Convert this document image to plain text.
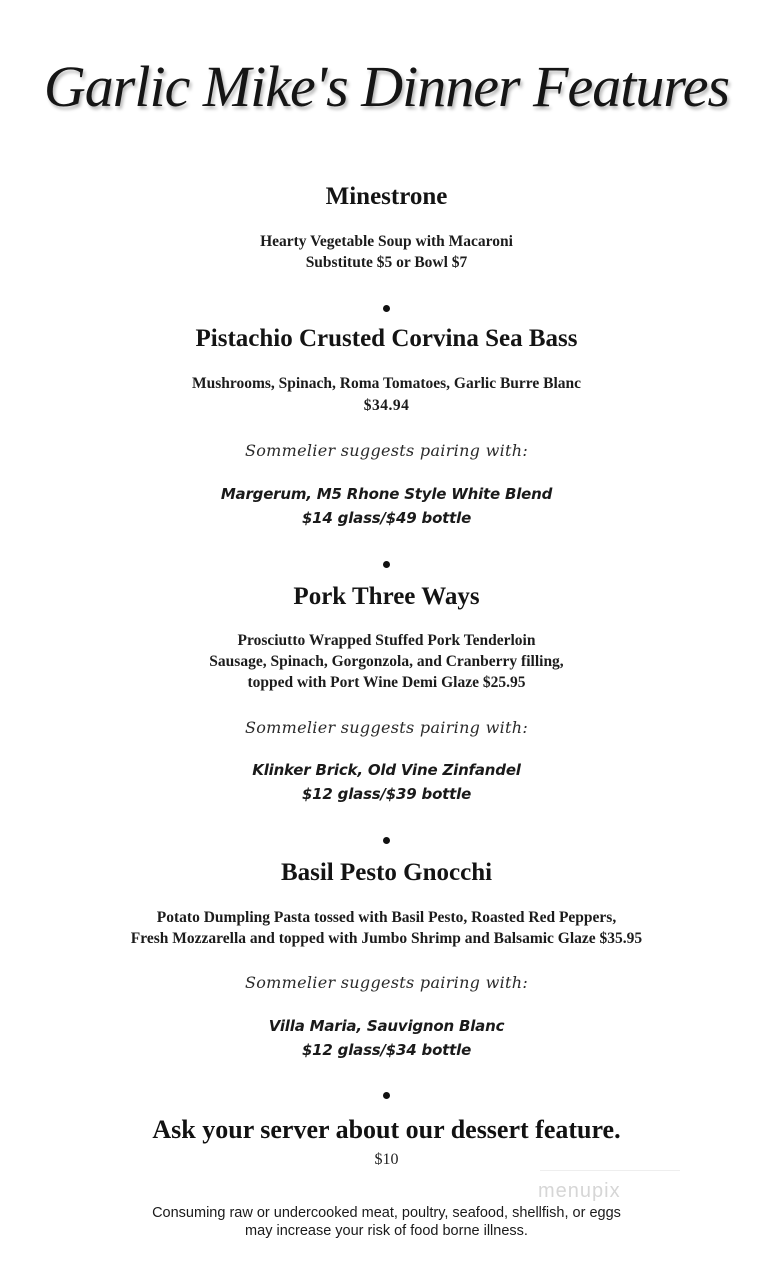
Garlic Mike's Dinner Features
Minestrone
Hearty Vegetable Soup with Macaroni
Substitute $5 or Bowl $7
Pistachio Crusted Corvina Sea Bass
Mushrooms, Spinach, Roma Tomatoes, Garlic Burre Blanc
$34.94
Sommelier suggests pairing with:
Margerum, M5 Rhone Style White Blend
$14 glass/$49 bottle
Pork Three Ways
Prosciutto Wrapped Stuffed Pork Tenderloin
Sausage, Spinach, Gorgonzola, and Cranberry filling,
topped with Port Wine Demi Glaze $25.95
Sommelier suggests pairing with:
Klinker Brick, Old Vine Zinfandel
$12 glass/$39 bottle
Basil Pesto Gnocchi
Potato Dumpling Pasta tossed with Basil Pesto, Roasted Red Peppers,
Fresh Mozzarella and topped with Jumbo Shrimp and Balsamic Glaze $35.95
Sommelier suggests pairing with:
Villa Maria, Sauvignon Blanc
$12 glass/$34 bottle
Ask your server about our dessert feature.
$10
menupix
Consuming raw or undercooked meat, poultry, seafood, shellfish, or eggs
may increase your risk of food borne illness.
